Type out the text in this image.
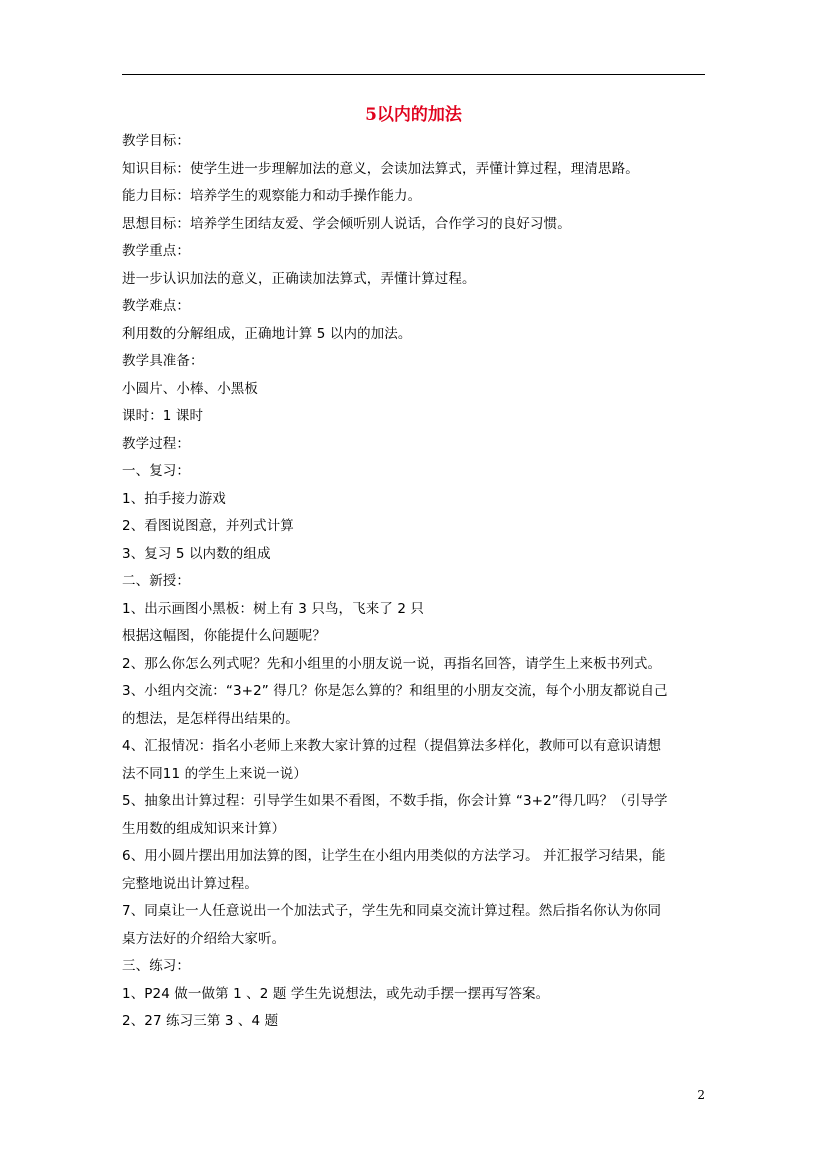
5以内的加法
教学目标：
知识目标：使学生进一步理解加法的意义，会读加法算式，弄懂计算过程，理清思路。
能力目标：培养学生的观察能力和动手操作能力。
思想目标：培养学生团结友爱、学会倾听别人说话，合作学习的良好习惯。
教学重点：
进一步认识加法的意义，正确读加法算式，弄懂计算过程。
教学难点：
利用数的分解组成，正确地计算 5 以内的加法。
教学具准备：
小圆片、小棒、小黑板
课时：1 课时
教学过程：
一、复习：
1、拍手接力游戏
2、看图说图意，并列式计算
3、复习 5 以内数的组成
二、新授：
1、出示画图小黑板：树上有 3 只鸟，飞来了 2 只
根据这幅图，你能提什么问题呢？
2、那么你怎么列式呢？先和小组里的小朋友说一说，再指名回答，请学生上来板书列式。
3、小组内交流：“3+2” 得几？你是怎么算的？和组里的小朋友交流，每个小朋友都说自己
的想法，是怎样得出结果的。
4、汇报情况：指名小老师上来教大家计算的过程（提倡算法多样化，教师可以有意识请想
法不同11 的学生上来说一说）
5、抽象出计算过程：引导学生如果不看图，不数手指，你会计算 “3+2”得几吗？（引导学
生用数的组成知识来计算）
6、用小圆片摆出用加法算的图，让学生在小组内用类似的方法学习。 并汇报学习结果，能
完整地说出计算过程。
7、同桌让一人任意说出一个加法式子，学生先和同桌交流计算过程。然后指名你认为你同
桌方法好的介绍给大家听。
三、练习：
1、P24 做一做第 1 、2 题 学生先说想法，或先动手摆一摆再写答案。
2、27 练习三第 3 、4 题
2
